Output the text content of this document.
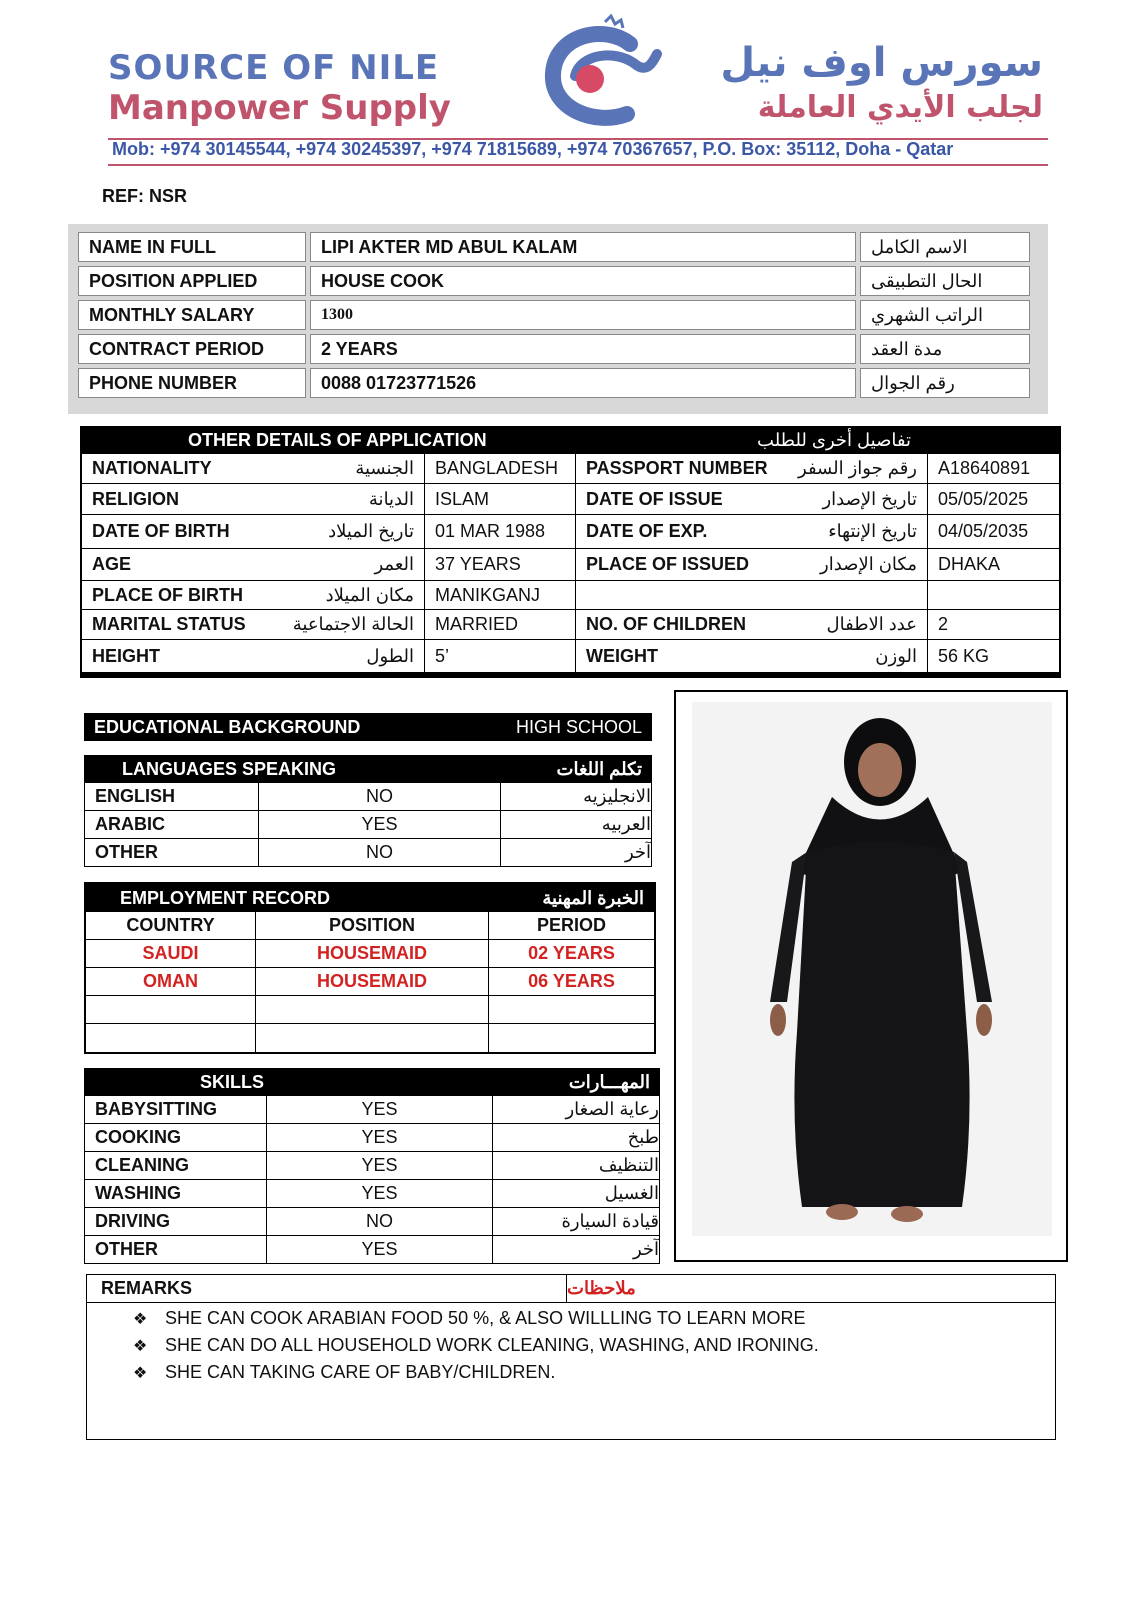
SOURCE OF NILE
Manpower Supply
سورس اوف نيل
لجلب الأيدي العاملة
Mob: +974 30145544, +974 30245397, +974 71815689, +974 70367657, P.O. Box: 35112, Doha - Qatar
REF: NSR
NAME IN FULL	LIPI AKTER MD ABUL KALAM	الاسم الكامل
POSITION APPLIED	HOUSE COOK	الحال التطبيقى
MONTHLY SALARY	1300	الراتب الشهري
CONTRACT PERIOD	2 YEARS	مدة العقد
PHONE NUMBER	0088 01723771526	رقم الجوال
OTHER DETAILS OF APPLICATION	تفاصيل أخرى للطلب
NATIONALITY	الجنسية	BANGLADESH	PASSPORT NUMBER رقم جواز السفر	A18640891
RELIGION	الديانة	ISLAM	DATE OF ISSUE	تاريخ الإصدار	05/05/2025
DATE OF BIRTH	تاريخ الميلاد	01 MAR 1988	DATE OF EXP.	تاريخ الإنتهاء	04/05/2035
AGE	العمر	37 YEARS	PLACE OF ISSUED	مكان الإصدار	DHAKA
PLACE OF BIRTH	مكان الميلاد	MANIKGANJ
MARITAL STATUS	الحالة الاجتماعية	MARRIED	NO. OF CHILDREN	عدد الاطفال	2
HEIGHT	الطول	5’	WEIGHT	الوزن	56 KG
EDUCATIONAL BACKGROUND	HIGH SCHOOL
LANGUAGES SPEAKING	تكلم اللغات
ENGLISH	NO	الانجليزيه
ARABIC	YES	العربيه
OTHER	NO	آخر
EMPLOYMENT RECORD	الخبرة المهنية
COUNTRY	POSITION	PERIOD
SAUDI	HOUSEMAID	02 YEARS
OMAN	HOUSEMAID	06 YEARS
SKILLS	المهـــارات
BABYSITTING	YES	رعاية الصغار
COOKING	YES	طبخ
CLEANING	YES	التنظيف
WASHING	YES	الغسيل
DRIVING	NO	قيادة السيارة
OTHER	YES	آخر
REMARKS	ملاحظات
❖ SHE CAN COOK ARABIAN FOOD 50 %, & ALSO WILLLING TO LEARN MORE
❖ SHE CAN DO ALL HOUSEHOLD WORK CLEANING, WASHING, AND IRONING.
❖ SHE CAN TAKING CARE OF BABY/CHILDREN.
